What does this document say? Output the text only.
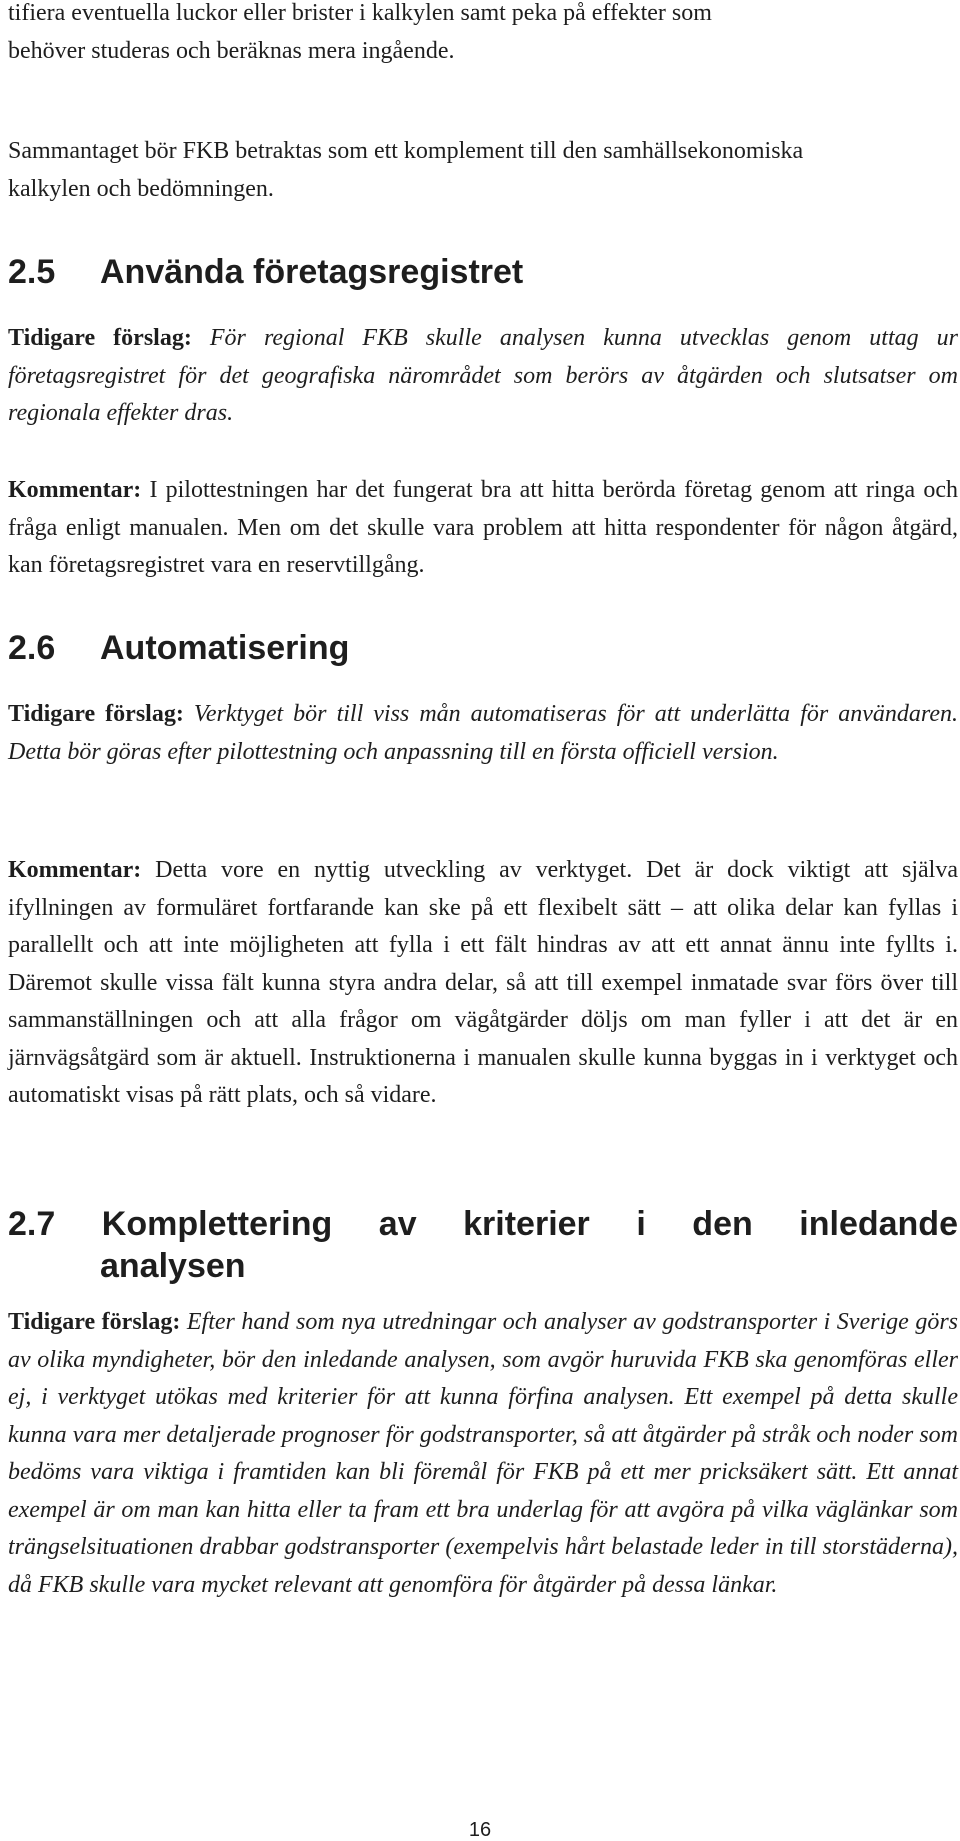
tifiera eventuella luckor eller brister i kalkylen samt peka på effekter som
behöver studeras och beräknas mera ingående.

Sammantaget bör FKB betraktas som ett komplement till den samhällsekonomiska
kalkylen och bedömningen.

2.5 Använda företagsregistret

Tidigare förslag: För regional FKB skulle analysen kunna utvecklas genom uttag ur företagsregistret för det geografiska närområdet som berörs av åtgärden och slutsatser om regionala effekter dras.

Kommentar: I pilottestningen har det fungerat bra att hitta berörda företag genom att ringa och fråga enligt manualen. Men om det skulle vara problem att hitta respondenter för någon åtgärd, kan företagsregistret vara en reservtillgång.

2.6 Automatisering

Tidigare förslag: Verktyget bör till viss mån automatiseras för att underlätta för användaren. Detta bör göras efter pilottestning och anpassning till en första officiell version.

Kommentar: Detta vore en nyttig utveckling av verktyget. Det är dock viktigt att själva ifyllningen av formuläret fortfarande kan ske på ett flexibelt sätt – att olika delar kan fyllas i parallellt och att inte möjligheten att fylla i ett fält hindras av att ett annat ännu inte fyllts i. Däremot skulle vissa fält kunna styra andra delar, så att till exempel inmatade svar förs över till sammanställningen och att alla frågor om vägåtgärder döljs om man fyller i att det är en järnvägsåtgärd som är aktuell. Instruktionerna i manualen skulle kunna byggas in i verktyget och automatiskt visas på rätt plats, och så vidare.

2.7 Komplettering av kriterier i den inledande
analysen

Tidigare förslag: Efter hand som nya utredningar och analyser av godstransporter i Sverige görs av olika myndigheter, bör den inledande analysen, som avgör huruvida FKB ska genomföras eller ej, i verktyget utökas med kriterier för att kunna förfina analysen. Ett exempel på detta skulle kunna vara mer detaljerade prognoser för godstransporter, så att åtgärder på stråk och noder som bedöms vara viktiga i framtiden kan bli föremål för FKB på ett mer pricksäkert sätt. Ett annat exempel är om man kan hitta eller ta fram ett bra underlag för att avgöra på vilka väglänkar som trängselsituationen drabbar godstransporter (exempelvis hårt belastade leder in till storstäderna), då FKB skulle vara mycket relevant att genomföra för åtgärder på dessa länkar.

16
